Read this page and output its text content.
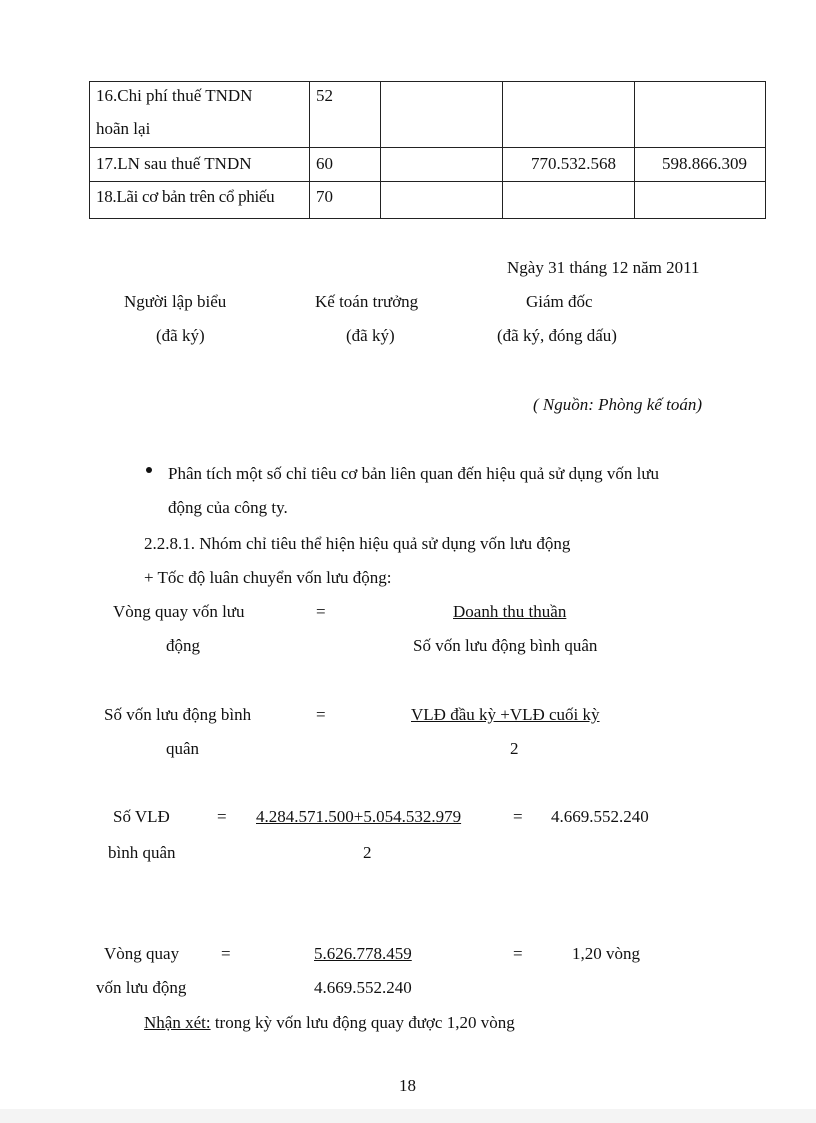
16.Chi phí thuế TNDN
hoãn lại	52			
17.LN sau thuế TNDN	60		770.532.568	598.866.309
18.Lãi cơ bản trên cổ phiếu	70			
Ngày 31 tháng 12 năm 2011
Người lập biểu
(đã ký)
Kế toán trưởng
(đã ký)
Giám đốc
(đã ký, đóng dấu)
( Nguồn: Phòng kế toán)
Phân tích một số chỉ tiêu cơ bản liên quan đến hiệu quả sử dụng vốn lưu
động của công ty.
2.2.8.1. Nhóm chỉ tiêu thể hiện hiệu quả sử dụng vốn lưu động
+ Tốc độ luân chuyển vốn lưu động:
Vòng quay vốn lưu
động
=	Doanh thu thuần
Số vốn lưu động bình quân
Số vốn lưu động bình
quân
=	VLĐ đầu kỳ +VLĐ cuối kỳ
2
Số VLĐ
bình quân
= 4.284.571.500+5.054.532.979
2
= 4.669.552.240
Vòng quay
vốn lưu động
=	5.626.778.459
4.669.552.240
=	1,20 vòng
Nhận xét: trong kỳ vốn lưu động quay được 1,20 vòng
18
